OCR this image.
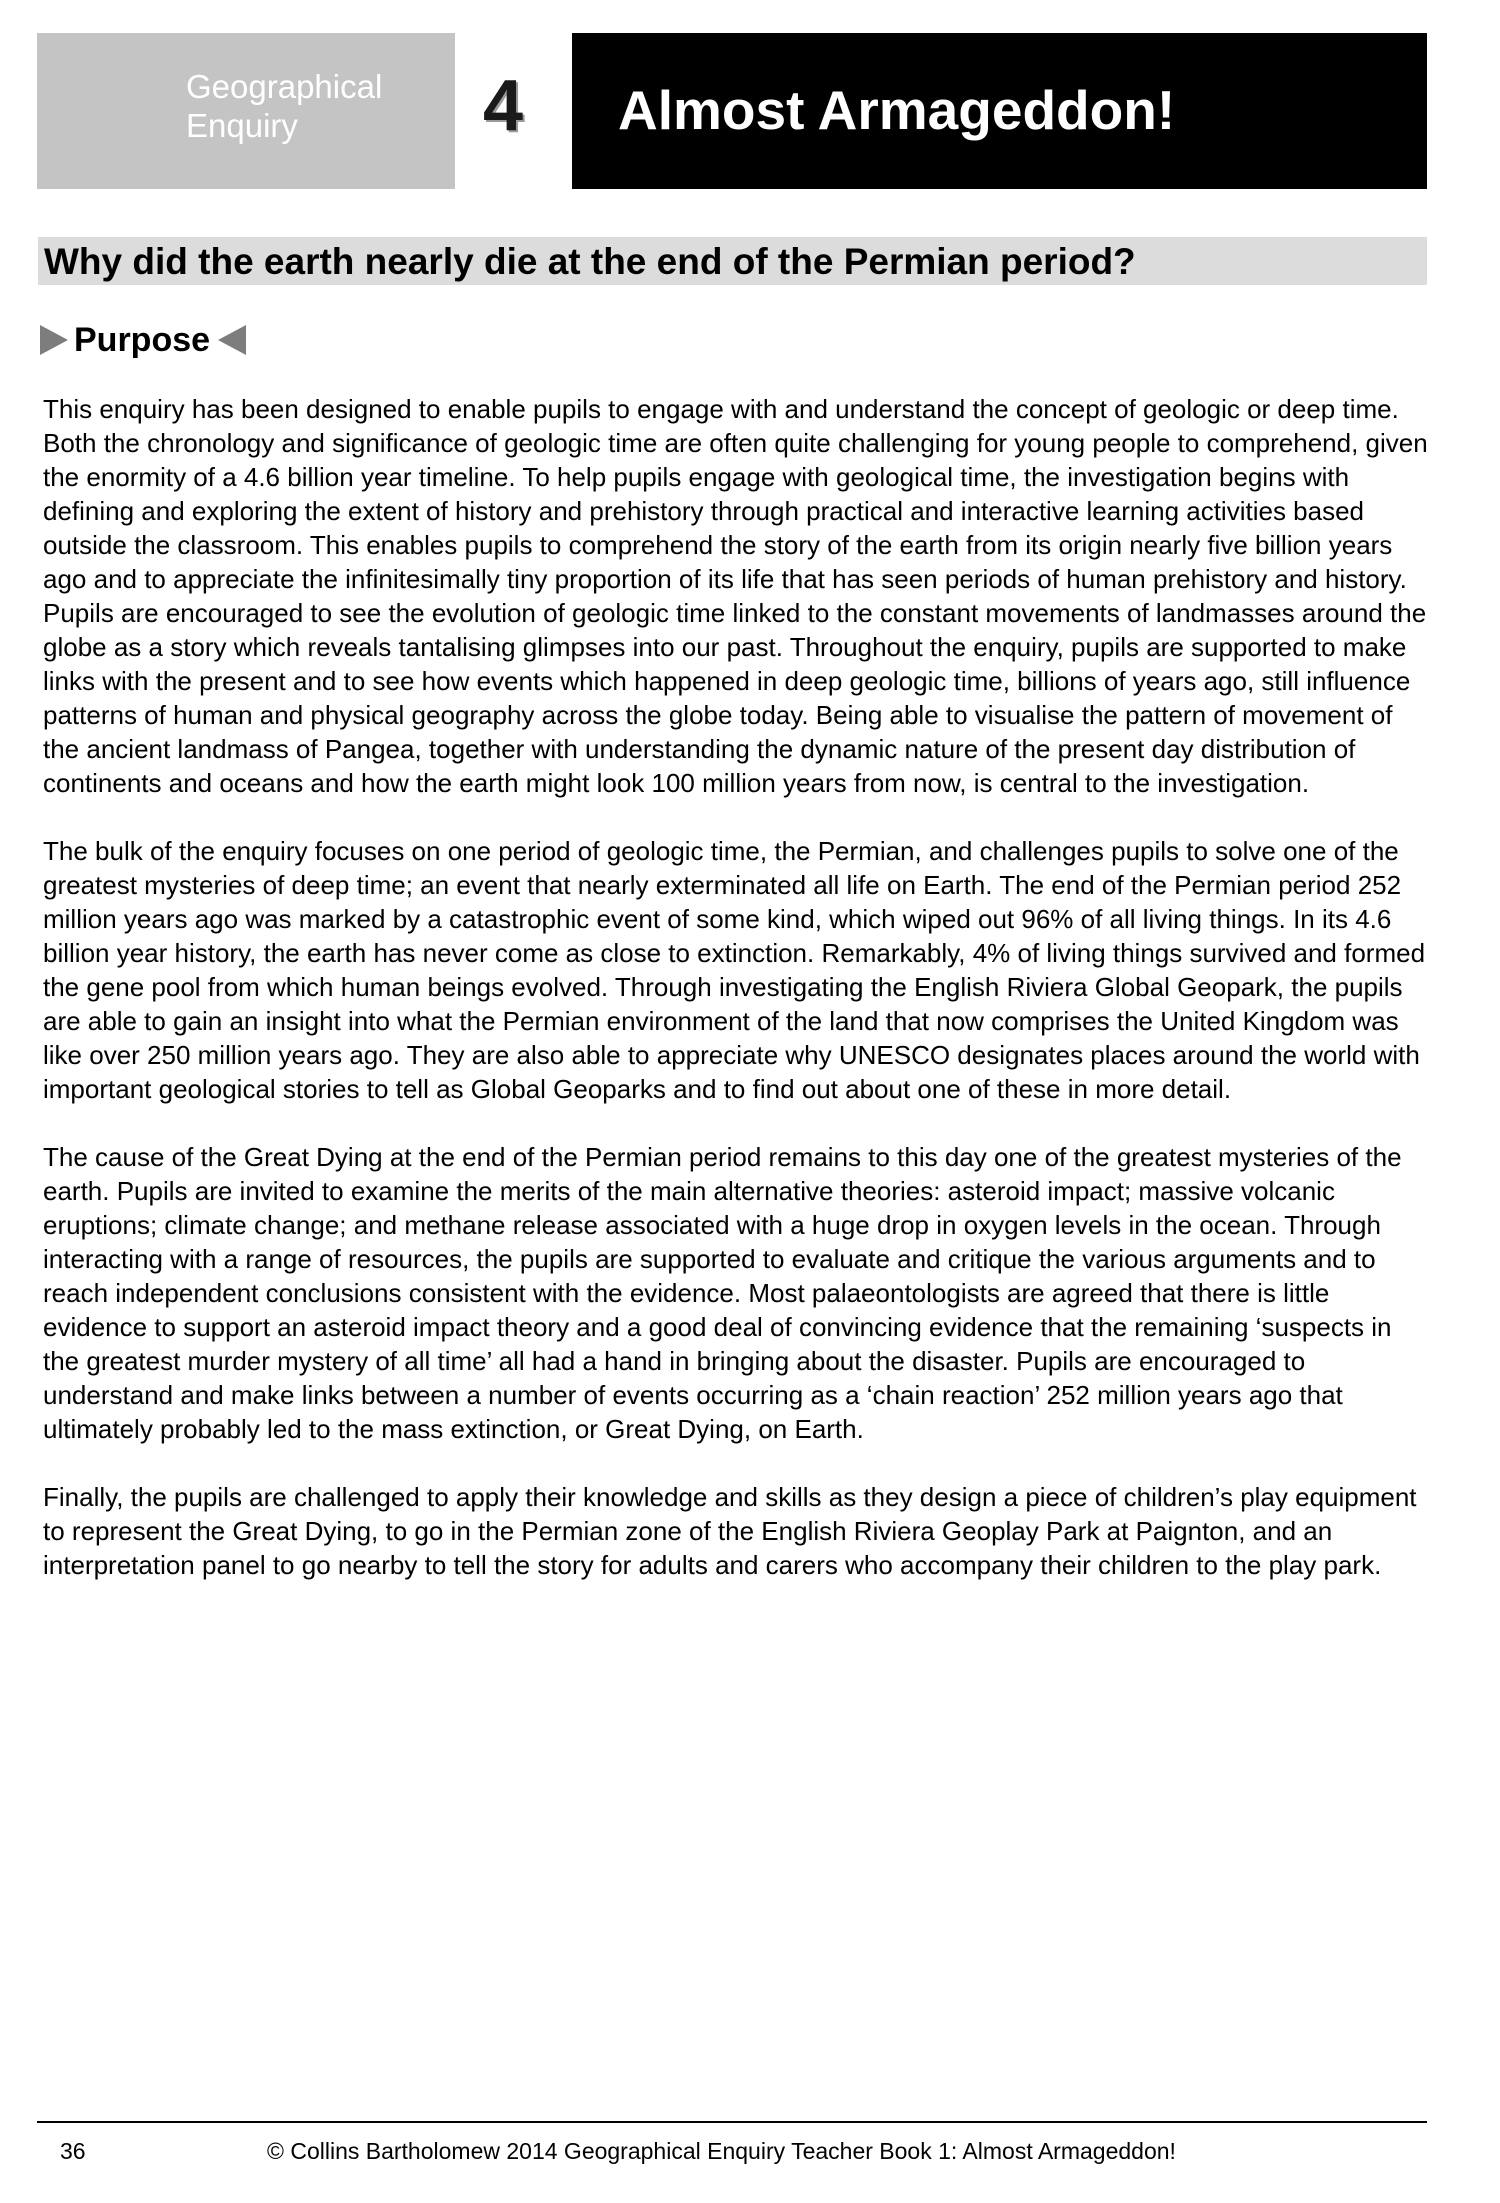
Geographical
Enquiry	4 Almost Armageddon!
Why did the earth nearly die at the end of the Permian period?
Purpose

This enquiry has been designed to enable pupils to engage with and understand the concept of geologic or deep time. Both the chronology and significance of geologic time are often quite challenging for young people to comprehend, given the enormity of a 4.6 billion year timeline. To help pupils engage with geological time, the investigation begins with defining and exploring the extent of history and prehistory through practical and interactive learning activities based outside the classroom. This enables pupils to comprehend the story of the earth from its origin nearly five billion years ago and to appreciate the infinitesimally tiny proportion of its life that has seen periods of human prehistory and history. Pupils are encouraged to see the evolution of geologic time linked to the constant movements of landmasses around the globe as a story which reveals tantalising glimpses into our past. Throughout the enquiry, pupils are supported to make links with the present and to see how events which happened in deep geologic time, billions of years ago, still influence patterns of human and physical geography across the globe today. Being able to visualise the pattern of movement of the ancient landmass of Pangea, together with understanding the dynamic nature of the present day distribution of continents and oceans and how the earth might look 100 million years from now, is central to the investigation.

The bulk of the enquiry focuses on one period of geologic time, the Permian, and challenges pupils to solve one of the greatest mysteries of deep time; an event that nearly exterminated all life on Earth. The end of the Permian period 252 million years ago was marked by a catastrophic event of some kind, which wiped out 96% of all living things. In its 4.6 billion year history, the earth has never come as close to extinction. Remarkably, 4% of living things survived and formed the gene pool from which human beings evolved. Through investigating the English Riviera Global Geopark, the pupils are able to gain an insight into what the Permian environment of the land that now comprises the United Kingdom was like over 250 million years ago. They are also able to appreciate why UNESCO designates places around the world with important geological stories to tell as Global Geoparks and to find out about one of these in more detail.

The cause of the Great Dying at the end of the Permian period remains to this day one of the greatest mysteries of the earth. Pupils are invited to examine the merits of the main alternative theories: asteroid impact; massive volcanic eruptions; climate change; and methane release associated with a huge drop in oxygen levels in the ocean. Through interacting with a range of resources, the pupils are supported to evaluate and critique the various arguments and to reach independent conclusions consistent with the evidence. Most palaeontologists are agreed that there is little evidence to support an asteroid impact theory and a good deal of convincing evidence that the remaining ‘suspects in the greatest murder mystery of all time’ all had a hand in bringing about the disaster. Pupils are encouraged to understand and make links between a number of events occurring as a ‘chain reaction’ 252 million years ago that ultimately probably led to the mass extinction, or Great Dying, on Earth.

Finally, the pupils are challenged to apply their knowledge and skills as they design a piece of children’s play equipment to represent the Great Dying, to go in the Permian zone of the English Riviera Geoplay Park at Paignton, and an interpretation panel to go nearby to tell the story for adults and carers who accompany their children to the play park.

36	© Collins Bartholomew 2014 Geographical Enquiry Teacher Book 1: Almost Armageddon!
